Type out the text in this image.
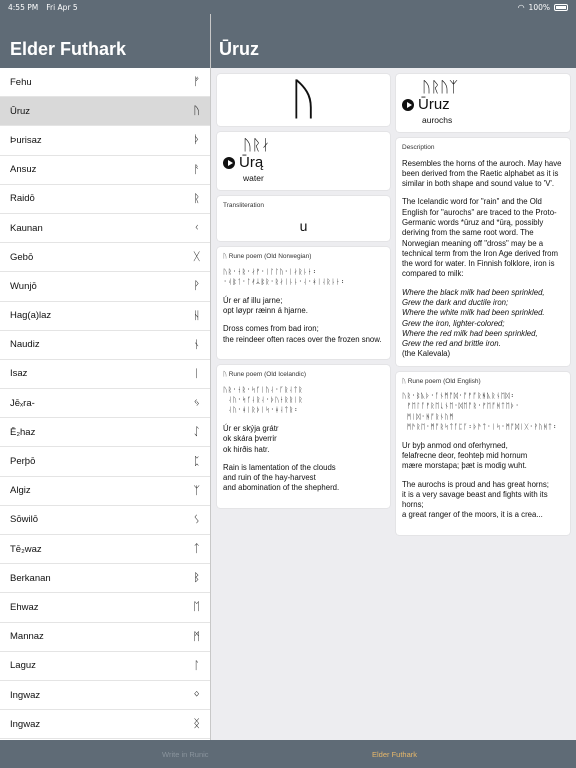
4:55 PM Fri Apr 5	◠ 100%
Elder Futhark
Fehu	ᚠ
Ūruz	ᚢ
Þurisaz	ᚦ
Ansuz	ᚨ
Raidō	ᚱ
Kaunan	ᚲ
Gebō	ᚷ
Wunjō	ᚹ
Hag(a)laz	ᚺ
Naudiz	ᚾ
Isaz	ᛁ
Jēₓra-	ᛃ
Ē₂haz	ᛇ
Perþō	ᛈ
Algiz	ᛉ
Sōwilō	ᛊ
Tē₂waz	ᛏ
Berkanan	ᛒ
Ehwaz	ᛖ
Mannaz	ᛗ
Laguz	ᛚ
Ingwaz	ᛜ
Ingwaz	ᛝ
Ūruz
ᚢ
ᚢᚱᛅ
Ūrą
water
Transliteration
u
ᚢ Rune poem (Old Norwegian)
ᚢᚱ᛫ᛂᚱ᛫ᛅᚠ᛫ᛁᛚᛚᚢ᛫ᛁᛅᚱᚿᛂ᛬
᛫ᚮᛔᛐ᛫ᛚᚯᛦᛔᚱ᛫ᚱᛅᛁᚿᚿ᛫ᛆ᛫ᚼᛁᛆᚱᚿᛂ᛬
Úr er af illu jarne;
opt løypr ræinn á hjarne.
Dross comes from bad iron;
the reindeer often races over the frozen snow.
ᚢ Rune poem (Old Icelandic)
ᚢᚱ᛫ᛂᚱ᛫ᛋᚴᛁᚢᛆ᛫ᚵᚱᛆᛏᚱ
ᛆᚢ᛫ᛋᚴᛆᚱᛆ᛫ᚦᚢᛂᚱᚱᛁᚱ
ᛆᚢ᛫ᚼᛁᚱᚦᛁᛋ᛫ᚼᛆᛏᚱ᛬
Úr er skýja grátr
ok skára þverrir
ok hirðis hatr.
Rain is lamentation of the clouds
and ruin of the hay-harvest
and abomination of the shepherd.
ᚢᚱᚢᛉ
Ūruz
aurochs
Description

Resembles the horns of the auroch. May have been derived from the Raetic alphabet as it is similar in both shape and sound value to 'V'.

The Icelandic word for "rain" and the Old English for "aurochs" are traced to the Proto-Germanic words *ūruz and *ūrą, possibly deriving from the same root word. The Norwegian meaning off "dross" may be a technical term from the Iron Age derived from the word for water. In Finnish folklore, iron is compared to milk:

Where the black milk had been sprinkled,
Grew the dark and ductile iron;
Where the white milk had been sprinkled.
Grew the iron, lighter-colored;
Where the red milk had been sprinkled,
Grew the red and brittle iron.
(the Kalevala)
ᚢ Rune poem (Old English)
ᚢᚱ᛫ᛒᚣᚦ᛫ᚪᚾᛗᚩᛞ᛫ᚩᚠᚩᚱᚻᚣᚱᚾᛖᛞ᛬
ᚠᛖᛚᚪᚠᚱᛖᚳᚾᛖ᛫ᛞᛖᚩᚱ᛫ᚠᛖᚩᚻᛏᛖᚦ᛫
ᛗᛁᛞ᛫ᚻᚩᚱᚾᚢᛗ
ᛗᚫᚱᛖ᛫ᛗᚩᚱᛋᛏᚪᛈᚪ᛬ᚦᚫᛏ᛫ᛁᛋ᛫ᛗᚩᛞᛁᚷ᛫ᚹᚢᚻᛏ᛬
Ur byþ anmod ond oferhyrned,
felafrecne deor, feohteþ mid hornum
mære morstapa; þæt is modig wuht.
The aurochs is proud and has great horns;
it is a very savage beast and fights with its horns;
a great ranger of the moors, it is a crea...
Write in Runic	Elder Futhark
